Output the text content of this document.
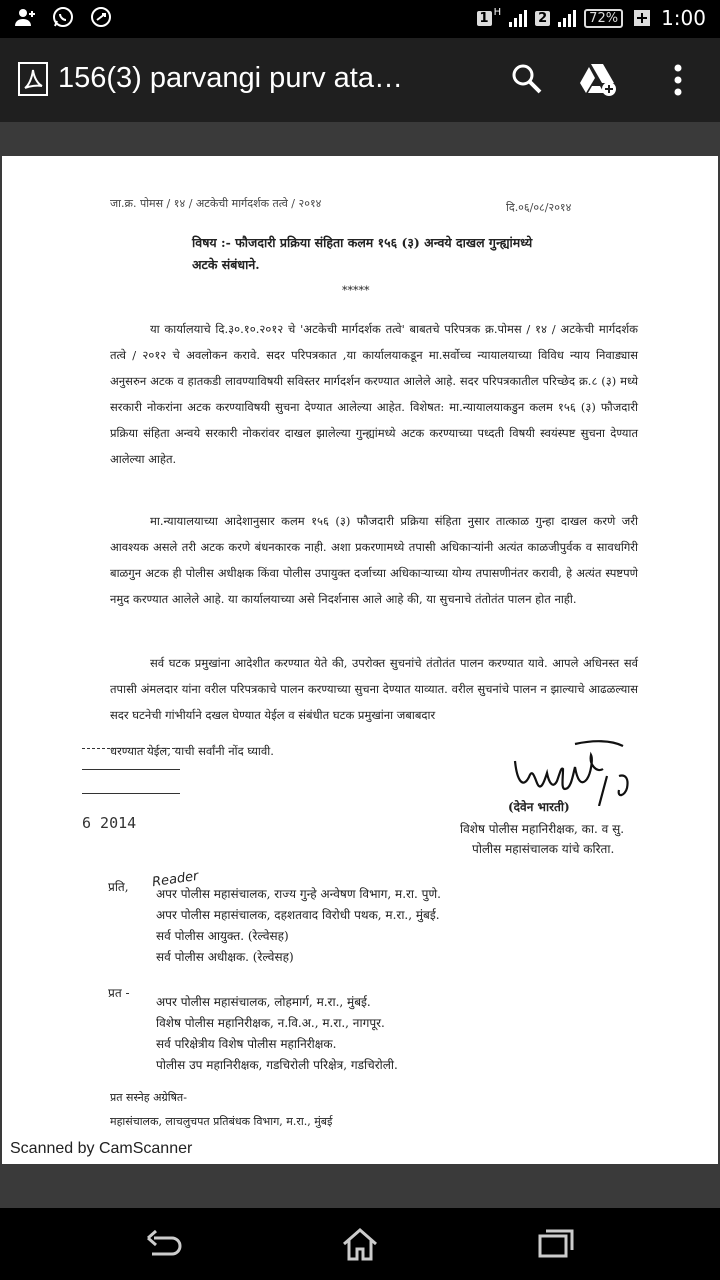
1 H	2	72% 1:00
156(3) parvangi purv ata…
जा.क्र. पोमस / १४ / अटकेची मार्गदर्शक तत्वे / २०१४	दि.०६/०८/२०१४
विषय :- फौजदारी प्रक्रिया संहिता कलम १५६ (३) अन्वये दाखल गुन्ह्यांमध्ये अटके संबंधाने.
*****
या कार्यालयाचे दि.३०.१०.२०१२ चे 'अटकेची मार्गदर्शक तत्वे' बाबतचे परिपत्रक क्र.पोमस / १४ / अटकेची मार्गदर्शक तत्वे / २०१२ चे अवलोकन करावे. सदर परिपत्रकात ,या कार्यालयाकडून मा.सर्वोच्च न्यायालयाच्या विविध न्याय निवाड्यास अनुसरुन अटक व हातकडी लावण्याविषयी सविस्तर मार्गदर्शन करण्यात आलेले आहे. सदर परिपत्रकातील परिच्छेद क्र.८ (३) मध्ये सरकारी नोकरांना अटक करण्याविषयी सुचना देण्यात आलेल्या आहेत. विशेषत: मा.न्यायालयाकडुन कलम १५६ (३) फौजदारी प्रक्रिया संहिता अन्वये सरकारी नोकरांवर दाखल झालेल्या गुन्ह्यांमध्ये अटक करण्याच्या पध्दती विषयी स्वयंस्पष्ट सुचना देण्यात आलेल्या आहेत.
मा.न्यायालयाच्या आदेशानुसार कलम १५६ (३) फौजदारी प्रक्रिया संहिता नुसार तात्काळ गुन्हा दाखल करणे जरी आवश्यक असले तरी अटक करणे बंधनकारक नाही. अशा प्रकरणामध्ये तपासी अधिकाऱ्यांनी अत्यंत काळजीपुर्वक व सावधगिरी बाळगुन अटक ही पोलीस अधीक्षक किंवा पोलीस उपायुक्त दर्जाच्या अधिकाऱ्याच्या योग्य तपासणीनंतर करावी, हे अत्यंत स्पष्टपणे नमुद करण्यात आलेले आहे. या कार्यालयाच्या असे निदर्शनास आले आहे की, या सुचनाचे तंतोतंत पालन होत नाही.
सर्व घटक प्रमुखांना आदेशीत करण्यात येते की, उपरोक्त सुचनांचे तंतोतंत पालन करण्यात यावे. आपले अधिनस्त सर्व तपासी अंमलदार यांना वरील परिपत्रकाचे पालन करण्याच्या सुचना देण्यात याव्यात. वरील सुचनांचे पालन न झाल्याचे आढळल्यास सदर घटनेची गांभीर्याने दखल घेण्यात येईल व संबंधीत घटक प्रमुखांना जबाबदार
धरण्यात येईल, याची सर्वांनी नोंद घ्यावी.
6 2014
(देवेन भारती)
विशेष पोलीस महानिरीक्षक, का. व सु.
पोलीस महासंचालक यांचे करिता.
Reader
प्रति, अपर पोलीस महासंचालक, राज्य गुन्हे अन्वेषण विभाग, म.रा. पुणे.
अपर पोलीस महासंचालक, दहशतवाद विरोधी पथक, म.रा., मुंबई.
सर्व पोलीस आयुक्त. (रेल्वेसह)
सर्व पोलीस अधीक्षक. (रेल्वेसह)
प्रत -
अपर पोलीस महासंचालक, लोहमार्ग, म.रा., मुंबई.
विशेष पोलीस महानिरीक्षक, न.वि.अ., म.रा., नागपूर.
सर्व परिक्षेत्रीय विशेष पोलीस महानिरीक्षक.
पोलीस उप महानिरीक्षक, गडचिरोली परिक्षेत्र, गडचिरोली.
प्रत सस्नेह अग्रेषित-
महासंचालक, लाचलुचपत प्रतिबंधक विभाग, म.रा., मुंबई
Scanned by CamScanner
